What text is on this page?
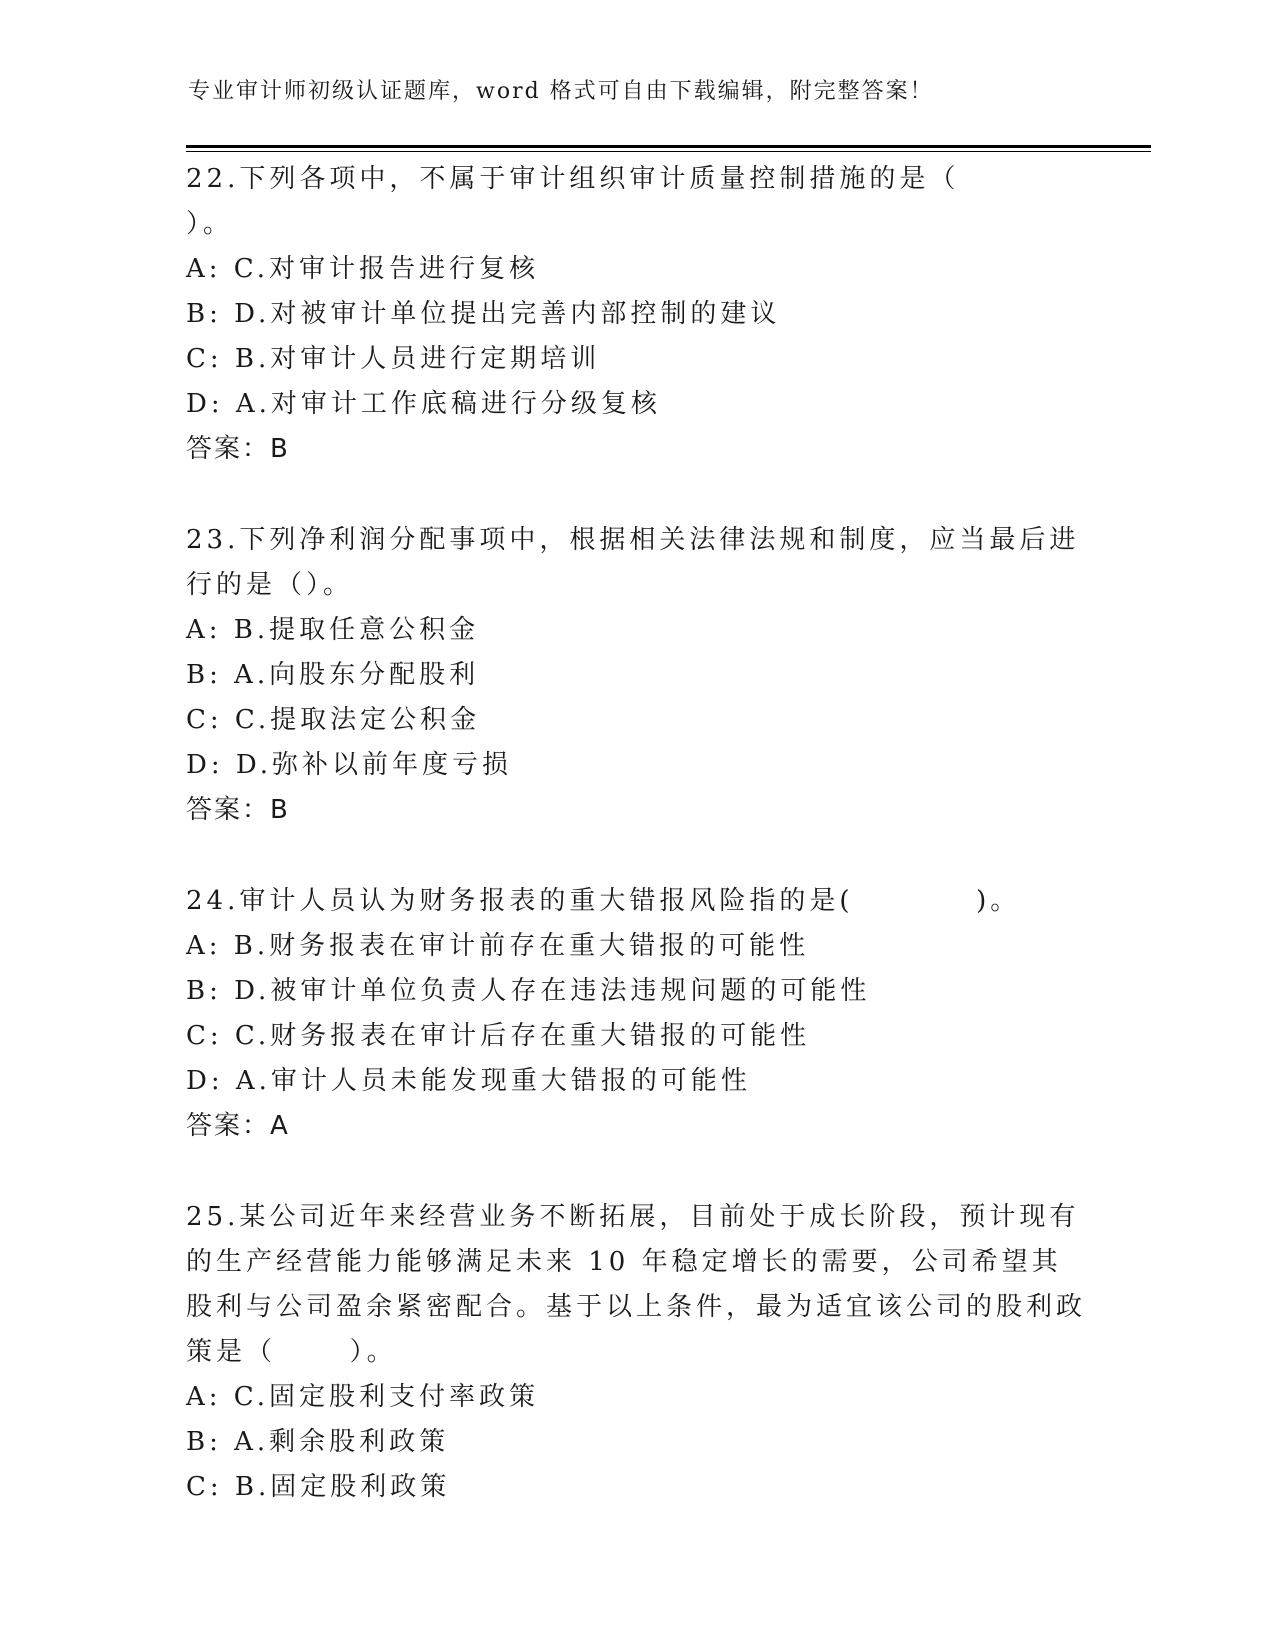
专业审计师初级认证题库，word 格式可自由下载编辑，附完整答案！
22.下列各项中，不属于审计组织审计质量控制措施的是（          ）。
A: C.对审计报告进行复核
B: D.对被审计单位提出完善内部控制的建议
C: B.对审计人员进行定期培训
D: A.对审计工作底稿进行分级复核
答案：B
23.下列净利润分配事项中，根据相关法律法规和制度，应当最后进行的是（）。
A: B.提取任意公积金
B: A.向股东分配股利
C: C.提取法定公积金
D: D.弥补以前年度亏损
答案：B
24.审计人员认为财务报表的重大错报风险指的是(          )。
A: B.财务报表在审计前存在重大错报的可能性
B: D.被审计单位负责人存在违法违规问题的可能性
C: C.财务报表在审计后存在重大错报的可能性
D: A.审计人员未能发现重大错报的可能性
答案：A
25.某公司近年来经营业务不断拓展，目前处于成长阶段，预计现有的生产经营能力能够满足未来 10 年稳定增长的需要，公司希望其股利与公司盈余紧密配合。基于以上条件，最为适宜该公司的股利政策是（      ）。
A: C.固定股利支付率政策
B: A.剩余股利政策
C: B.固定股利政策
